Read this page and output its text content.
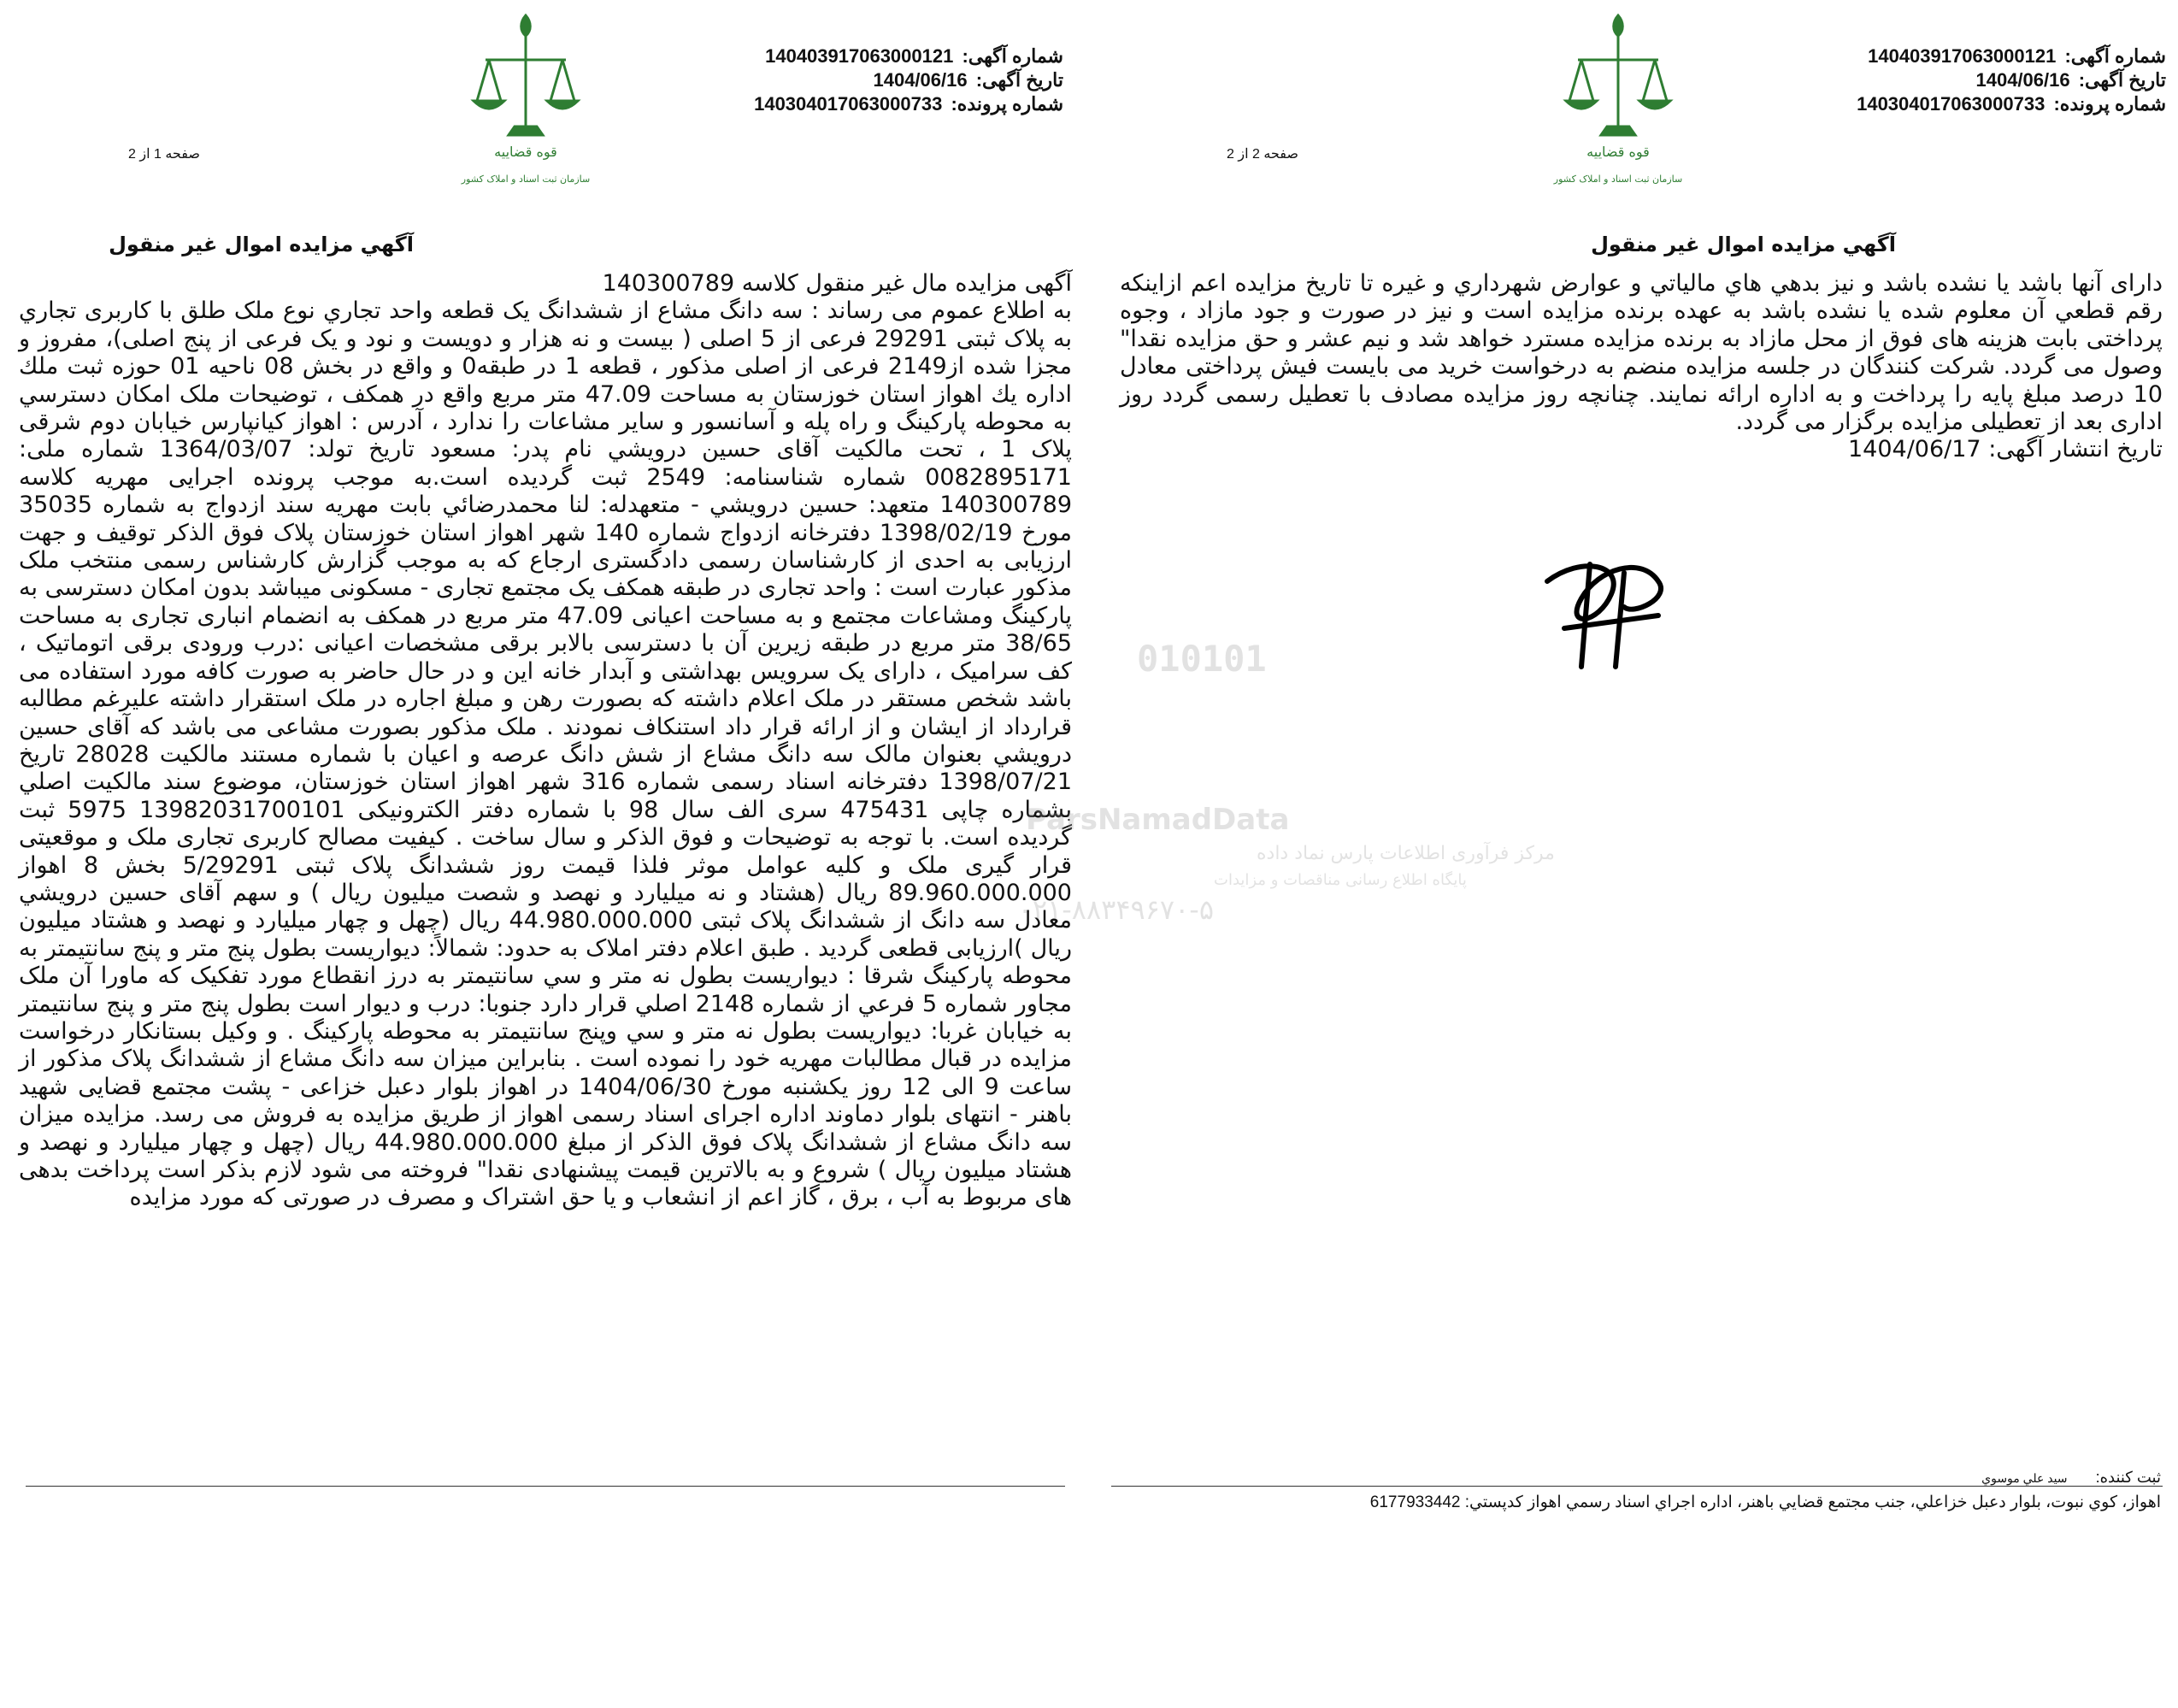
شماره آگهی: 140403917063000121
تاریخ آگهی: 1404/06/16
شماره پرونده: 140304017063000733
قوه قضاییه
سازمان ثبت اسناد و املاک کشور
صفحه 1 از 2
آگهي مزايده اموال غير منقول

آگهی مزایده مال غیر منقول کلاسه 140300789

به اطلاع عموم می رساند : سه دانگ مشاع از ششدانگ یک قطعه واحد تجاري نوع ملک طلق با کاربری تجاري به پلاک ثبتی 29291 فرعی از 5 اصلی ( بیست و نه هزار و دویست و نود و یک فرعی از پنج اصلی)، مفروز و مجزا شده از2149 فرعی از اصلی مذکور ، قطعه 1 در طبقه0 و واقع در بخش 08 ناحیه 01 حوزه ثبت ملك اداره يك اهواز استان خوزستان به مساحت 47.09 متر مربع واقع در همکف ، توضیحات ملک امکان دسترسي به محوطه پارکینگ و راه پله و آسانسور و سایر مشاعات را ندارد ، آدرس : اهواز کیانپارس خیابان دوم شرقی پلاک 1 ، تحت مالکیت آقای حسین درويشي نام پدر: مسعود تاریخ تولد: 1364/03/07 شماره ملی: 0082895171 شماره شناسنامه: 2549 ثبت گردیده است.به موجب پرونده اجرایی مهریه کلاسه 140300789 متعهد: حسين درويشي - متعهدله: لنا محمدرضائي بابت مهریه سند ازدواج به شماره 35035 مورخ 1398/02/19 دفترخانه ازدواج شماره 140 شهر اهواز استان خوزستان پلاک فوق الذکر توقیف و جهت ارزیابی به احدی از کارشناسان رسمی دادگستری ارجاع که به موجب گزارش کارشناس رسمی منتخب ملک مذکور عبارت است : واحد تجاری در طبقه همکف یک مجتمع تجاری - مسکونی میباشد بدون امکان دسترسی به پارکینگ ومشاعات مجتمع و به مساحت اعیانی 47.09 متر مربع در همکف به انضمام انباری تجاری به مساحت 38/65 متر مربع در طبقه زیرین آن با دسترسی بالابر برقی مشخصات اعیانی :درب ورودی برقی اتوماتیک ، کف سرامیک ، دارای یک سرویس بهداشتی و آبدار خانه این و در حال حاضر به صورت کافه مورد استفاده می باشد شخص مستقر در ملک اعلام داشته که بصورت رهن و مبلغ اجاره در ملک استقرار داشته علیرغم مطالبه قرارداد از ایشان و از ارائه قرار داد استنکاف نمودند . ملک مذکور بصورت مشاعی می باشد که آقای حسين درويشي بعنوان مالک سه دانگ مشاع از شش دانگ عرصه و اعیان با شماره مستند مالکیت 28028 تاریخ 1398/07/21 دفترخانه اسناد رسمی شماره 316 شهر اهواز استان خوزستان، موضوع سند مالکیت اصلي بشماره چاپی 475431 سری الف سال 98 با شماره دفتر الکترونیکی 13982031700101 5975 ثبت گردیده است. با توجه به توضیحات و فوق الذکر و سال ساخت . کیفیت مصالح کاربری تجاری ملک و موقعیتی قرار گیری ملک و کلیه عوامل موثر فلذا قیمت روز ششدانگ پلاک ثبتی 5/29291 بخش 8 اهواز 89.960.000.000 ریال (هشتاد و نه میلیارد و نهصد و شصت میلیون ریال ) و سهم آقای حسين درويشي معادل سه دانگ از ششدانگ پلاک ثبتی 44.980.000.000 ریال (چهل و چهار میلیارد و نهصد و هشتاد میلیون ریال )ارزیابی قطعی گردید . طبق اعلام دفتر املاک به حدود: شمالاً: دیواریست بطول پنج متر و پنج سانتیمتر به محوطه پارکینگ شرقا : دیواریست بطول نه متر و سي سانتیمتر به درز انقطاع مورد تفکیک که ماورا آن ملک مجاور شماره 5 فرعي از شماره 2148 اصلي قرار دارد جنوبا: درب و دیوار است بطول پنج متر و پنج سانتيمتر به خيابان غربا: ديواريست بطول نه متر و سي وپنج سانتيمتر به محوطه پارکينگ . و وکیل بستانکار درخواست مزایده در قبال مطالبات مهریه خود را نموده است . بنابراین میزان سه دانگ مشاع از ششدانگ پلاک مذکور از ساعت 9 الی 12 روز یکشنبه مورخ 1404/06/30 در اهواز بلوار دعبل خزاعی - پشت مجتمع قضایی شهید باهنر - انتهای بلوار دماوند اداره اجرای اسناد رسمی اهواز از طریق مزایده به فروش می رسد. مزایده میزان سه دانگ مشاع از ششدانگ پلاک فوق الذکر از مبلغ 44.980.000.000 ریال (چهل و چهار میلیارد و نهصد و هشتاد میلیون ریال ) شروع و به بالاترین قیمت پیشنهادی نقدا" فروخته می شود لازم بذکر است پرداخت بدهی های مربوط به آب ، برق ، گاز اعم از انشعاب و یا حق اشتراک و مصرف در صورتی که مورد مزایده

شماره آگهی: 140403917063000121
تاریخ آگهی: 1404/06/16
شماره پرونده: 140304017063000733
قوه قضاییه
سازمان ثبت اسناد و املاک کشور
صفحه 2 از 2
آگهي مزايده اموال غير منقول

دارای آنها باشد یا نشده باشد و نیز بدهي هاي مالياتي و عوارض شهرداري و غيره تا تاريخ مزايده اعم ازاينكه رقم قطعي آن معلوم شده يا نشده باشد به عهده برنده مزايده است و نيز در صورت و جود مازاد ، وجوه پرداختی بابت هزینه های فوق از محل مازاد به برنده مزایده مسترد خواهد شد و نیم عشر و حق مزایده نقدا" وصول می گردد. شرکت کنندگان در جلسه مزایده منضم به درخواست خرید می بایست فیش پرداختی معادل 10 درصد مبلغ پایه را پرداخت و به اداره ارائه نمایند. چنانچه روز مزایده مصادف با تعطیل رسمی گردد روز اداری بعد از تعطیلی مزایده برگزار می گردد.

تاریخ انتشار آگهی: 1404/06/17

010101
ParsNamadData
مرکز فرآوری اطلاعات پارس نماد داده
پایگاه اطلاع رسانی مناقصات و مزایدات
۰۲۱-۸۸۳۴۹۶۷۰-۵
ثبت کننده: سيد علي موسوي
اهواز، کوي نبوت، بلوار دعبل خزاعلي، جنب مجتمع قضايي باهنر، اداره اجراي اسناد رسمي اهواز کدپستي: 6177933442
